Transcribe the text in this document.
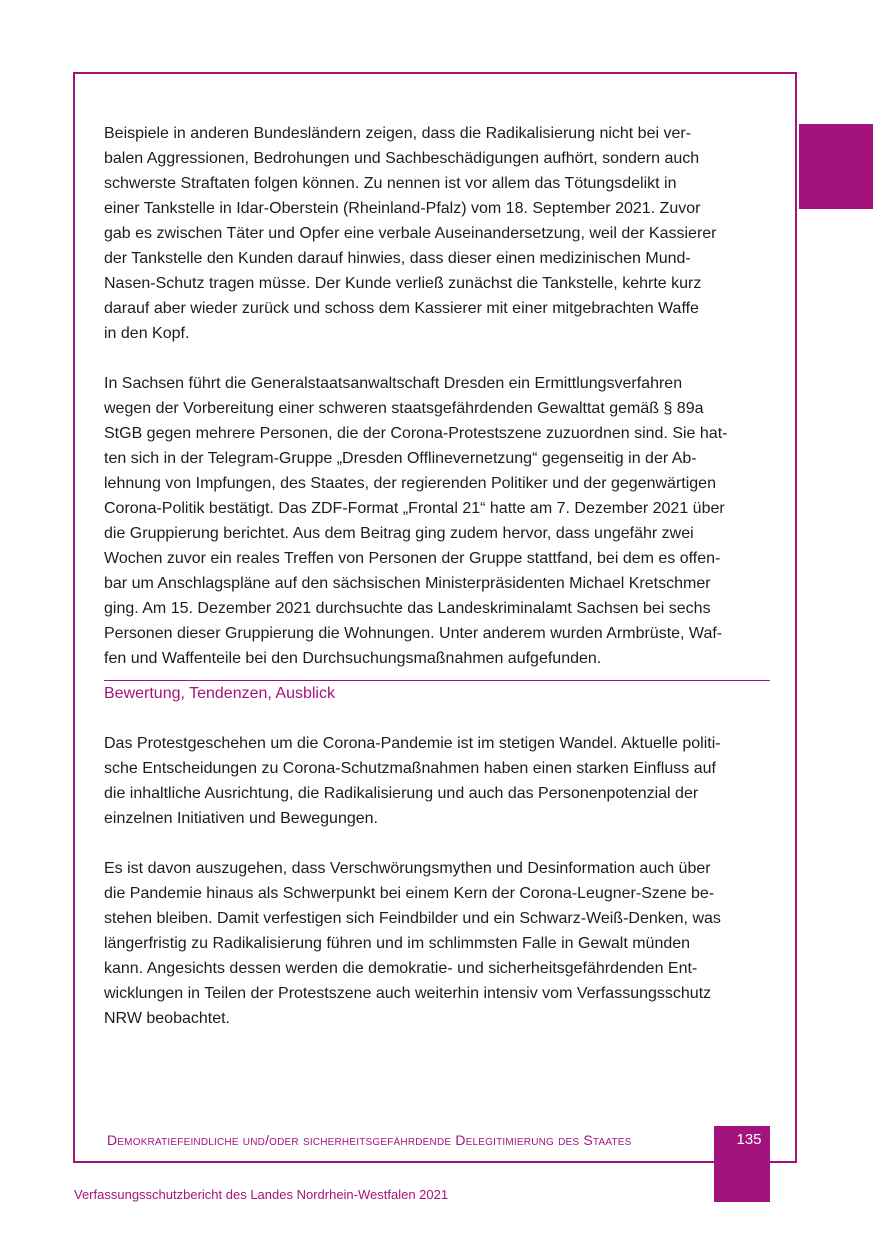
Beispiele in anderen Bundesländern zeigen, dass die Radikalisierung nicht bei ver-
balen Aggressionen, Bedrohungen und Sachbeschädigungen aufhört, sondern auch
schwerste Straftaten folgen können. Zu nennen ist vor allem das Tötungsdelikt in
einer Tankstelle in Idar-Oberstein (Rheinland-Pfalz) vom 18. September 2021. Zuvor
gab es zwischen Täter und Opfer eine verbale Auseinandersetzung, weil der Kassierer
der Tankstelle den Kunden darauf hinwies, dass dieser einen medizinischen Mund-
Nasen-Schutz tragen müsse. Der Kunde verließ zunächst die Tankstelle, kehrte kurz
darauf aber wieder zurück und schoss dem Kassierer mit einer mitgebrachten Waffe
in den Kopf.

In Sachsen führt die Generalstaatsanwaltschaft Dresden ein Ermittlungsverfahren
wegen der Vorbereitung einer schweren staatsgefährdenden Gewalttat gemäß § 89a
StGB gegen mehrere Personen, die der Corona-Protestszene zuzuordnen sind. Sie hat-
ten sich in der Telegram-Gruppe „Dresden Offlinevernetzung“ gegenseitig in der Ab-
lehnung von Impfungen, des Staates, der regierenden Politiker und der gegenwärtigen
Corona-Politik bestätigt. Das ZDF-Format „Frontal 21“ hatte am 7. Dezember 2021 über
die Gruppierung berichtet. Aus dem Beitrag ging zudem hervor, dass ungefähr zwei
Wochen zuvor ein reales Treffen von Personen der Gruppe stattfand, bei dem es offen-
bar um Anschlagspläne auf den sächsischen Ministerpräsidenten Michael Kretschmer
ging. Am 15. Dezember 2021 durchsuchte das Landeskriminalamt Sachsen bei sechs
Personen dieser Gruppierung die Wohnungen. Unter anderem wurden Armbrüste, Waf-
fen und Waffenteile bei den Durchsuchungsmaßnahmen aufgefunden.

Bewertung, Tendenzen, Ausblick

Das Protestgeschehen um die Corona-Pandemie ist im stetigen Wandel. Aktuelle politi-
sche Entscheidungen zu Corona-Schutzmaßnahmen haben einen starken Einfluss auf
die inhaltliche Ausrichtung, die Radikalisierung und auch das Personenpotenzial der
einzelnen Initiativen und Bewegungen.

Es ist davon auszugehen, dass Verschwörungsmythen und Desinformation auch über
die Pandemie hinaus als Schwerpunkt bei einem Kern der Corona-Leugner-Szene be-
stehen bleiben. Damit verfestigen sich Feindbilder und ein Schwarz-Weiß-Denken, was
längerfristig zu Radikalisierung führen und im schlimmsten Falle in Gewalt münden
kann. Angesichts dessen werden die demokratie- und sicherheitsgefährdenden Ent-
wicklungen in Teilen der Protestszene auch weiterhin intensiv vom Verfassungsschutz
NRW beobachtet.

Demokratiefeindliche und/oder sicherheitsgefährdende Delegitimierung des Staates	135
Verfassungsschutzbericht des Landes Nordrhein-Westfalen 2021
